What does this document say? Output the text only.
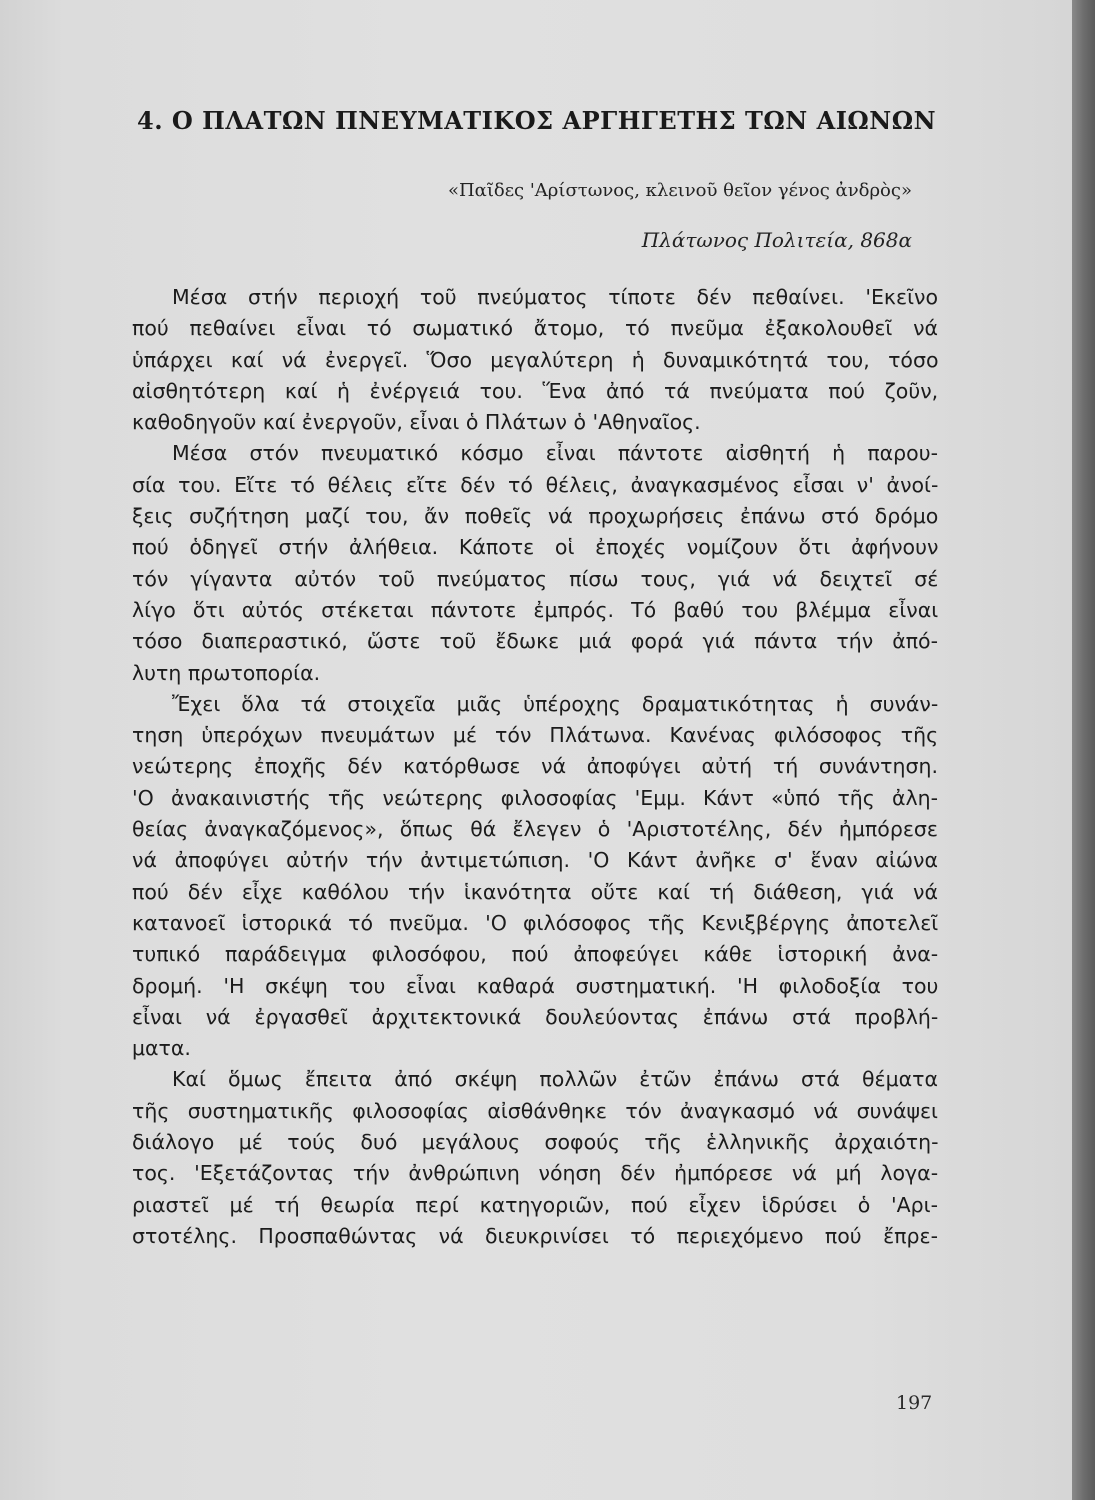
4. Ο ΠΛΑΤΩΝ ΠΝΕΥΜΑΤΙΚΟΣ ΑΡΓΗΓΕΤΗΣ ΤΩΝ ΑΙΩΝΩΝ

«Παῖδες 'Αρίστωνος, κλεινοῦ θεῖον γένος ἀνδρὸς»

Πλάτωνος Πολιτεία, 868α

Μέσα στήν περιοχή τοῦ πνεύματος τίποτε δέν πεθαίνει. 'Εκεῖνο
πού πεθαίνει εἶναι τό σωματικό ἄτομο, τό πνεῦμα ἐξακολουθεῖ νά
ὑπάρχει καί νά ἐνεργεῖ. Ὅσο μεγαλύτερη ἡ δυναμικότητά του, τόσο
αἰσθητότερη καί ἡ ἐνέργειά του. Ἕνα ἀπό τά πνεύματα πού ζοῦν,
καθοδηγοῦν καί ἐνεργοῦν, εἶναι ὁ Πλάτων ὁ 'Αθηναῖος.

Μέσα στόν πνευματικό κόσμο εἶναι πάντοτε αἰσθητή ἡ παρου-
σία του. Εἴτε τό θέλεις εἴτε δέν τό θέλεις, ἀναγκασμένος εἶσαι ν' ἀνοί-
ξεις συζήτηση μαζί του, ἄν ποθεῖς νά προχωρήσεις ἐπάνω στό δρόμο
πού ὁδηγεῖ στήν ἀλήθεια. Κάποτε οἱ ἐποχές νομίζουν ὅτι ἀφήνουν
τόν γίγαντα αὐτόν τοῦ πνεύματος πίσω τους, γιά νά δειχτεῖ σέ
λίγο ὅτι αὐτός στέκεται πάντοτε ἐμπρός. Τό βαθύ του βλέμμα εἶναι
τόσο διαπεραστικό, ὥστε τοῦ ἔδωκε μιά φορά γιά πάντα τήν ἀπό-
λυτη πρωτοπορία.

Ἔχει ὅλα τά στοιχεῖα μιᾶς ὑπέροχης δραματικότητας ἡ συνάν-
τηση ὑπερόχων πνευμάτων μέ τόν Πλάτωνα. Κανένας φιλόσοφος τῆς
νεώτερης ἐποχῆς δέν κατόρθωσε νά ἀποφύγει αὐτή τή συνάντηση.
'Ο ἀνακαινιστής τῆς νεώτερης φιλοσοφίας 'Εμμ. Κάντ «ὑπό τῆς ἀλη-
θείας ἀναγκαζόμενος», ὅπως θά ἔλεγεν ὁ 'Αριστοτέλης, δέν ἠμπόρεσε
νά ἀποφύγει αὐτήν τήν ἀντιμετώπιση. 'Ο Κάντ ἀνῆκε σ' ἕναν αἰώνα
πού δέν εἶχε καθόλου τήν ἱκανότητα οὔτε καί τή διάθεση, γιά νά
κατανοεῖ ἱστορικά τό πνεῦμα. 'Ο φιλόσοφος τῆς Κενιξβέργης ἀποτελεῖ
τυπικό παράδειγμα φιλοσόφου, πού ἀποφεύγει κάθε ἱστορική ἀνα-
δρομή. 'Η σκέψη του εἶναι καθαρά συστηματική. 'Η φιλοδοξία του
εἶναι νά ἐργασθεῖ ἀρχιτεκτονικά δουλεύοντας ἐπάνω στά προβλή-
ματα.

Καί ὅμως ἔπειτα ἀπό σκέψη πολλῶν ἐτῶν ἐπάνω στά θέματα
τῆς συστηματικῆς φιλοσοφίας αἰσθάνθηκε τόν ἀναγκασμό νά συνάψει
διάλογο μέ τούς δυό μεγάλους σοφούς τῆς ἑλληνικῆς ἀρχαιότη-
τος. 'Εξετάζοντας τήν ἀνθρώπινη νόηση δέν ἠμπόρεσε νά μή λογα-
ριαστεῖ μέ τή θεωρία περί κατηγοριῶν, πού εἶχεν ἱδρύσει ὁ 'Αρι-
στοτέλης. Προσπαθώντας νά διευκρινίσει τό περιεχόμενο πού ἔπρε-

197
